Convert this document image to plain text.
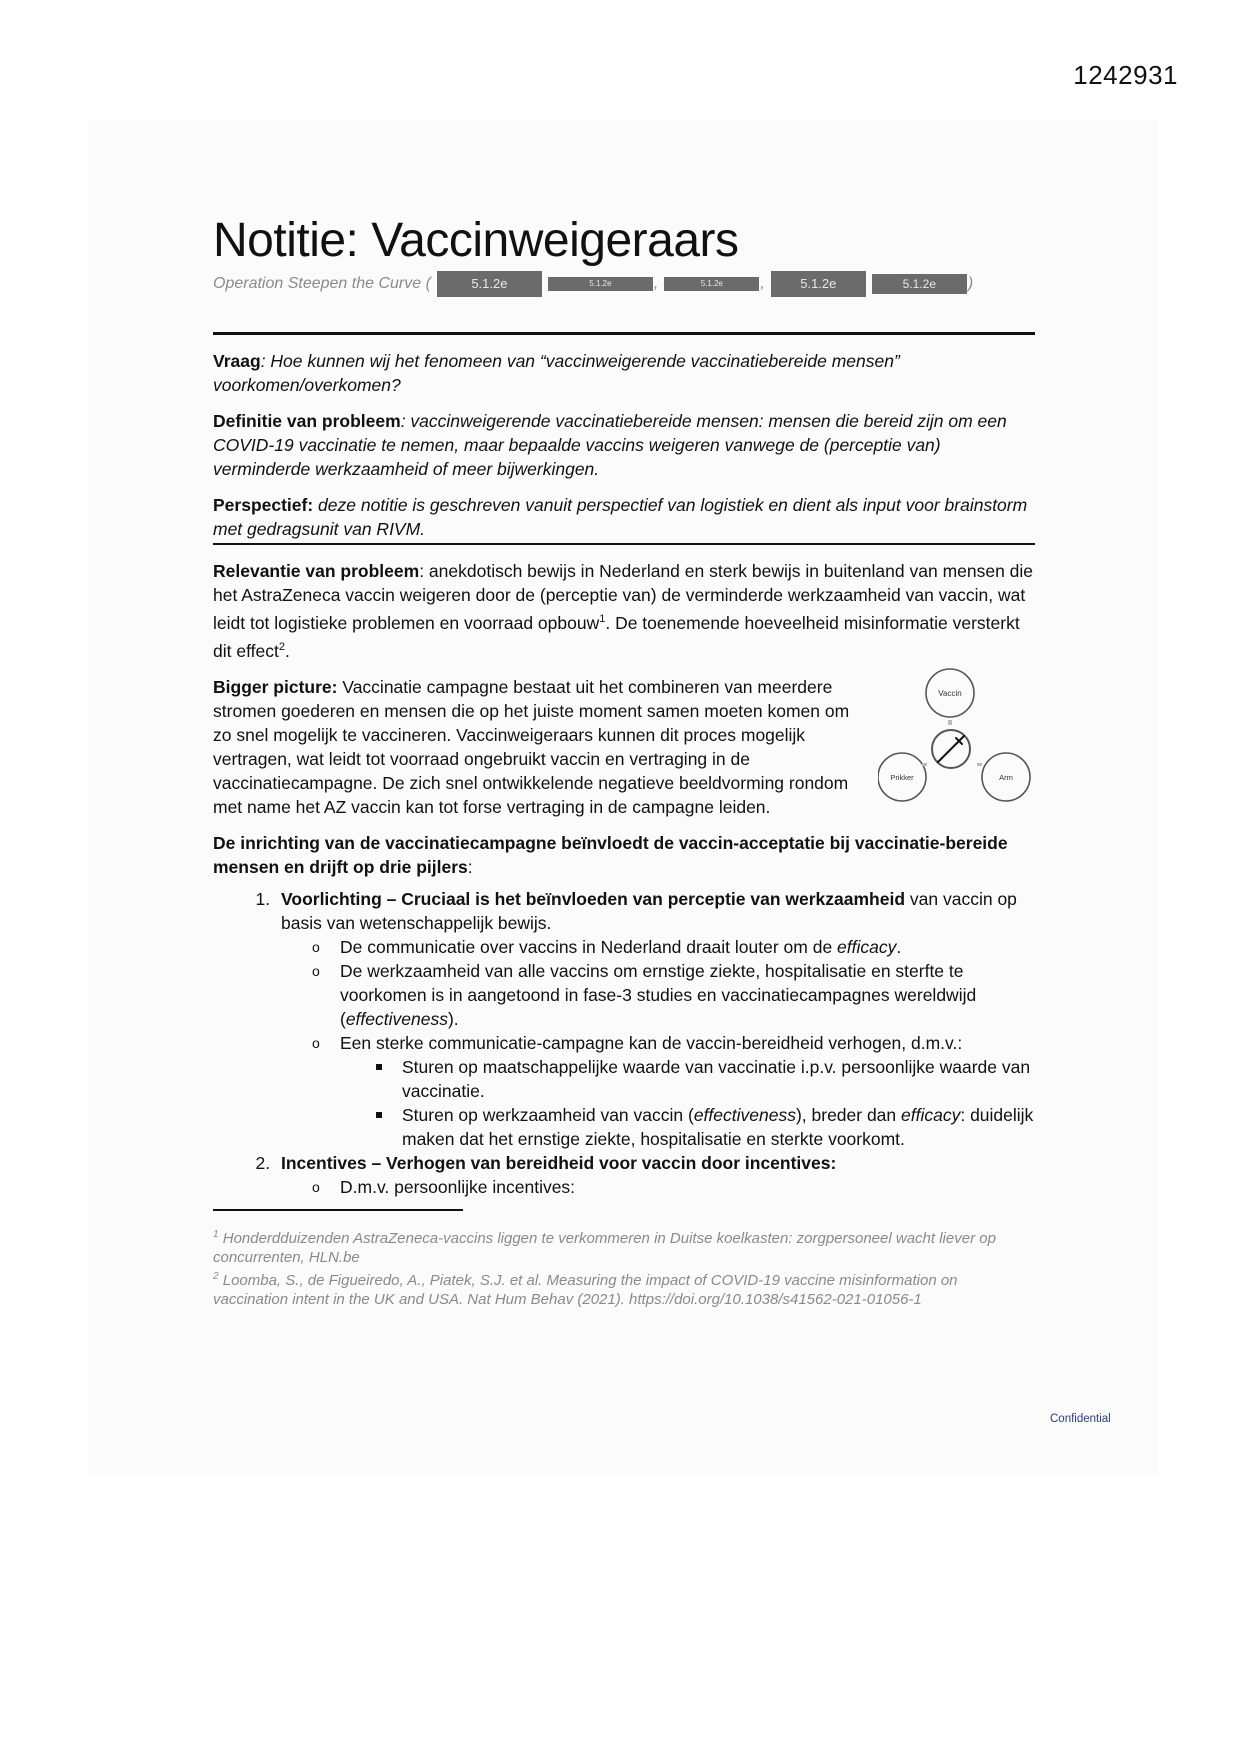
1242931
Notitie: Vaccinweigeraars
Operation Steepen the Curve (	5.1.2e	5.1.2e	,	5.1.2e	,	5.1.2e	5.1.2e	)

Vraag: Hoe kunnen wij het fenomeen van “vaccinweigerende vaccinatiebereide mensen” voorkomen/overkomen?

Definitie van probleem: vaccinweigerende vaccinatiebereide mensen: mensen die bereid zijn om een COVID-19 vaccinatie te nemen, maar bepaalde vaccins weigeren vanwege de (perceptie van) verminderde werkzaamheid of meer bijwerkingen.

Perspectief: deze notitie is geschreven vanuit perspectief van logistiek en dient als input voor brainstorm met gedragsunit van RIVM.

Relevantie van probleem: anekdotisch bewijs in Nederland en sterk bewijs in buitenland van mensen die het AstraZeneca vaccin weigeren door de (perceptie van) de verminderde werkzaamheid van vaccin, wat leidt tot logistieke problemen en voorraad opbouw$^1$. De toenemende hoeveelheid misinformatie versterkt dit effect$^2$.

Bigger picture: Vaccinatie campagne bestaat uit het combineren van meerdere stromen goederen en mensen die op het juiste moment samen moeten komen om zo snel mogelijk te vaccineren. Vaccinweigeraars kunnen dit proces mogelijk vertragen, wat leidt tot voorraad ongebruikt vaccin en vertraging in de vaccinatiecampagne. De zich snel ontwikkelende negatieve beeldvorming rondom met name het AZ vaccin kan tot forse vertraging in de campagne leiden.

Vaccin
Prikker	Arm

De inrichting van de vaccinatiecampagne beïnvloedt de vaccin-acceptatie bij vaccinatie-bereide mensen en drijft op drie pijlers:

1. Voorlichting – Cruciaal is het beïnvloeden van perceptie van werkzaamheid van vaccin op basis van wetenschappelijk bewijs.
o De communicatie over vaccins in Nederland draait louter om de efficacy.
o De werkzaamheid van alle vaccins om ernstige ziekte, hospitalisatie en sterfte te voorkomen is in aangetoond in fase-3 studies en vaccinatiecampagnes wereldwijd (effectiveness).
o Een sterke communicatie-campagne kan de vaccin-bereidheid verhogen, d.m.v.:
Sturen op maatschappelijke waarde van vaccinatie i.p.v. persoonlijke waarde van vaccinatie.
Sturen op werkzaamheid van vaccin (effectiveness), breder dan efficacy: duidelijk maken dat het ernstige ziekte, hospitalisatie en sterkte voorkomt.
2. Incentives – Verhogen van bereidheid voor vaccin door incentives:
o D.m.v. persoonlijke incentives:
$^1$ Honderdduizenden AstraZeneca-vaccins liggen te verkommeren in Duitse koelkasten: zorgpersoneel wacht liever op concurrenten, HLN.be
$^2$ Loomba, S., de Figueiredo, A., Piatek, S.J. et al. Measuring the impact of COVID-19 vaccine misinformation on vaccination intent in the UK and USA. Nat Hum Behav (2021). https://doi.org/10.1038/s41562-021-01056-1
Confidential
